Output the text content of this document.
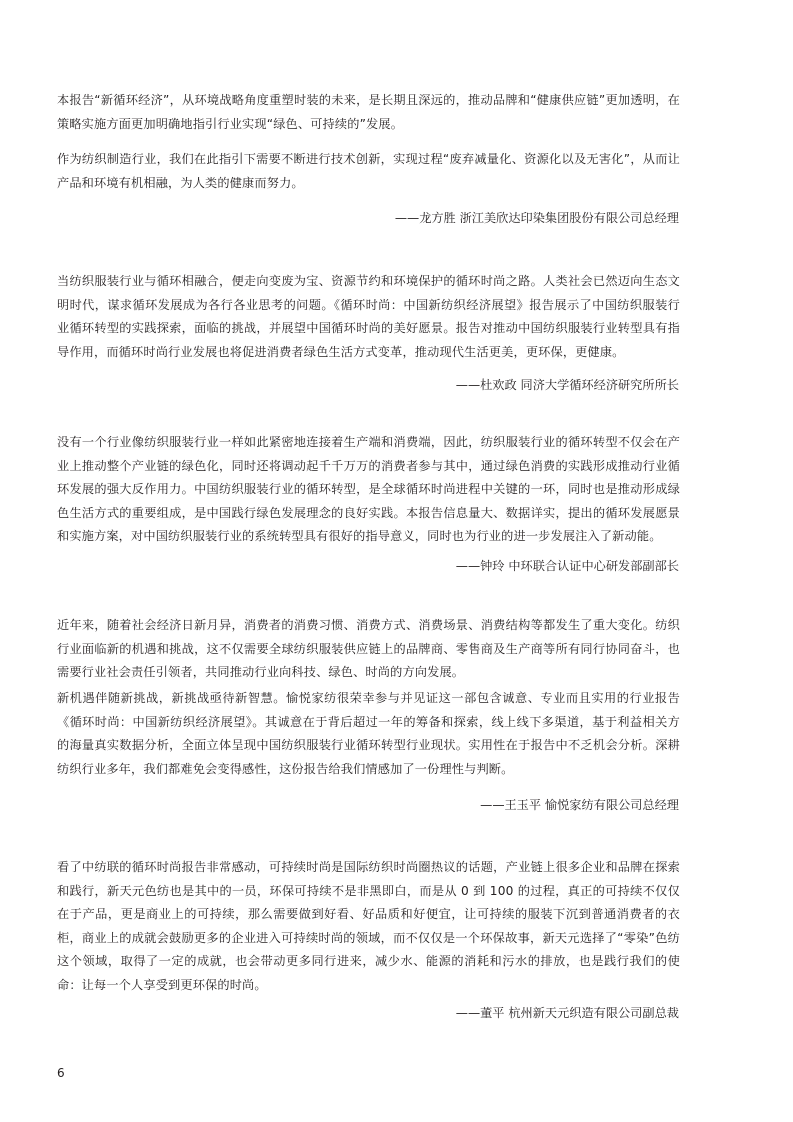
本报告“新循环经济”，从环境战略角度重塑时装的未来，是长期且深远的，推动品牌和“健康供应链”更加透明，在策略实施方面更加明确地指引行业实现“绿色、可持续的”发展。

作为纺织制造行业，我们在此指引下需要不断进行技术创新，实现过程“废弃减量化、资源化以及无害化”，从而让产品和环境有机相融，为人类的健康而努力。

——龙方胜 浙江美欣达印染集团股份有限公司总经理

当纺织服装行业与循环相融合，便走向变废为宝、资源节约和环境保护的循环时尚之路。人类社会已然迈向生态文明时代，谋求循环发展成为各行各业思考的问题。《循环时尚：中国新纺织经济展望》报告展示了中国纺织服装行业循环转型的实践探索，面临的挑战，并展望中国循环时尚的美好愿景。报告对推动中国纺织服装行业转型具有指导作用，而循环时尚行业发展也将促进消费者绿色生活方式变革，推动现代生活更美，更环保，更健康。

——杜欢政 同济大学循环经济研究所所长

没有一个行业像纺织服装行业一样如此紧密地连接着生产端和消费端，因此，纺织服装行业的循环转型不仅会在产业上推动整个产业链的绿色化，同时还将调动起千千万万的消费者参与其中，通过绿色消费的实践形成推动行业循环发展的强大反作用力。中国纺织服装行业的循环转型，是全球循环时尚进程中关键的一环，同时也是推动形成绿色生活方式的重要组成，是中国践行绿色发展理念的良好实践。本报告信息量大、数据详实，提出的循环发展愿景和实施方案，对中国纺织服装行业的系统转型具有很好的指导意义，同时也为行业的进一步发展注入了新动能。

——钟玲 中环联合认证中心研发部副部长

近年来，随着社会经济日新月异，消费者的消费习惯、消费方式、消费场景、消费结构等都发生了重大变化。纺织行业面临新的机遇和挑战，这不仅需要全球纺织服装供应链上的品牌商、零售商及生产商等所有同行协同奋斗，也需要行业社会责任引领者，共同推动行业向科技、绿色、时尚的方向发展。

新机遇伴随新挑战，新挑战亟待新智慧。愉悦家纺很荣幸参与并见证这一部包含诚意、专业而且实用的行业报告《循环时尚：中国新纺织经济展望》。其诚意在于背后超过一年的筹备和探索，线上线下多渠道，基于利益相关方的海量真实数据分析，全面立体呈现中国纺织服装行业循环转型行业现状。实用性在于报告中不乏机会分析。深耕纺织行业多年，我们都难免会变得感性，这份报告给我们情感加了一份理性与判断。

——王玉平 愉悦家纺有限公司总经理

看了中纺联的循环时尚报告非常感动，可持续时尚是国际纺织时尚圈热议的话题，产业链上很多企业和品牌在探索和践行，新天元色纺也是其中的一员，环保可持续不是非黑即白，而是从 0 到 100 的过程，真正的可持续不仅仅在于产品，更是商业上的可持续，那么需要做到好看、好品质和好便宜，让可持续的服装下沉到普通消费者的衣柜，商业上的成就会鼓励更多的企业进入可持续时尚的领域，而不仅仅是一个环保故事，新天元选择了“零染”色纺这个领域，取得了一定的成就，也会带动更多同行进来，减少水、能源的消耗和污水的排放，也是践行我们的使命：让每一个人享受到更环保的时尚。

——董平 杭州新天元织造有限公司副总裁

6
